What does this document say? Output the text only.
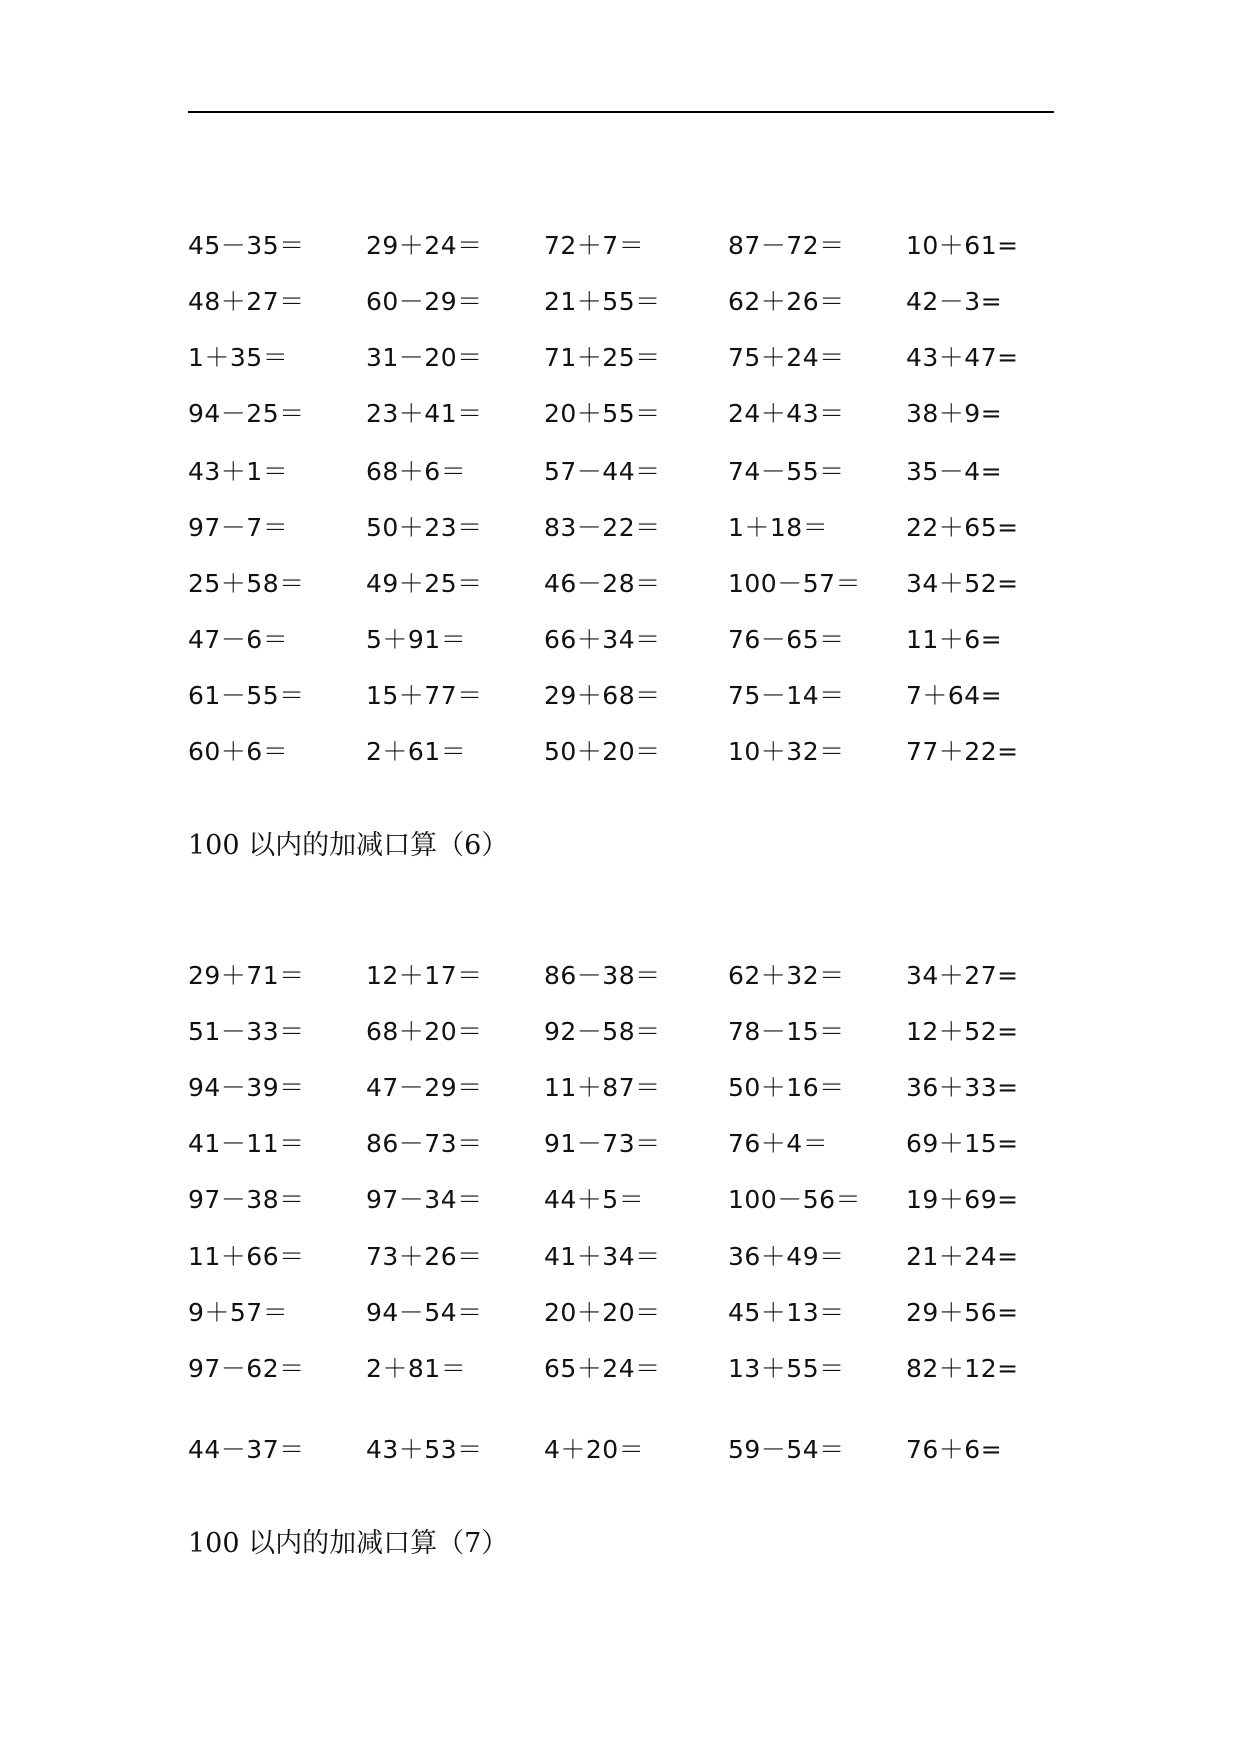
45－35＝ 29＋24＝ 72＋7＝	87－72＝ 10＋61=
48＋27＝ 60－29＝ 21＋55＝	62＋26＝ 42－3=
1＋35＝	31－20＝ 71＋25＝	75＋24＝ 43＋47=
94－25＝ 23＋41＝ 20＋55＝	24＋43＝ 38＋9=
43＋1＝	68＋6＝	57－44＝	74－55＝ 35－4=
97－7＝	50＋23＝ 83－22＝	1＋18＝	22＋65=
25＋58＝ 49＋25＝ 46－28＝	100－57＝ 34＋52=
47－6＝	5＋91＝	66＋34＝	76－65＝ 11＋6=
61－55＝ 15＋77＝ 29＋68＝	75－14＝ 7＋64=
60＋6＝	2＋61＝	50＋20＝	10＋32＝ 77＋22=
100 以内的加减口算（6）
29＋71＝ 12＋17＝ 86－38＝	62＋32＝ 34＋27=
51－33＝ 68＋20＝ 92－58＝	78－15＝ 12＋52=
94－39＝ 47－29＝ 11＋87＝	50＋16＝ 36＋33=
41－11＝ 86－73＝ 91－73＝	76＋4＝	69＋15=
97－38＝ 97－34＝ 44＋5＝	100－56＝ 19＋69=
11＋66＝ 73＋26＝ 41＋34＝	36＋49＝ 21＋24=
9＋57＝	94－54＝ 20＋20＝	45＋13＝ 29＋56=
97－62＝ 2＋81＝	65＋24＝	13＋55＝ 82＋12=
44－37＝ 43＋53＝ 4＋20＝	59－54＝ 76＋6=
100 以内的加减口算（7）
